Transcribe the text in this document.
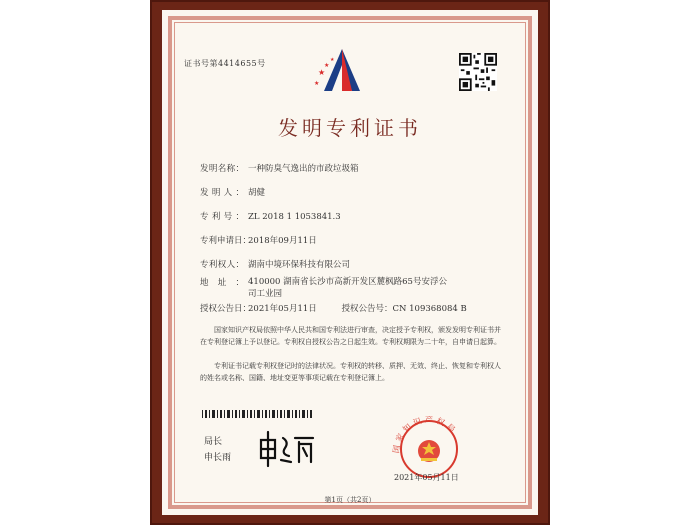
证书号第4414655号
★
★
★
★
发明专利证书
发明名称： 一种防臭气逸出的市政垃圾箱
发明人： 胡健
专利号： ZL 2018 1 1053841.3
专利申请日：2018年09月11日
专利权人： 湖南中境环保科技有限公司
地址： 410000 湖南省长沙市高新开发区麓枫路65号安浮公司工业园
授权公告日：2021年05月11日	授权公告号：CN 109368084 B
国家知识产权局依照中华人民共和国专利法进行审查，决定授予专利权，颁发发明专利证书并在专利登记簿上予以登记。专利权自授权公告之日起生效。专利权期限为二十年，自申请日起算。
专利证书记载专利权登记时的法律状况。专利权的转移、质押、无效、终止、恢复和专利权人的姓名或名称、国籍、地址变更等事项记载在专利登记簿上。
局长
申长雨
国家知识产权局
2021年05月11日
第1页（共2页）
